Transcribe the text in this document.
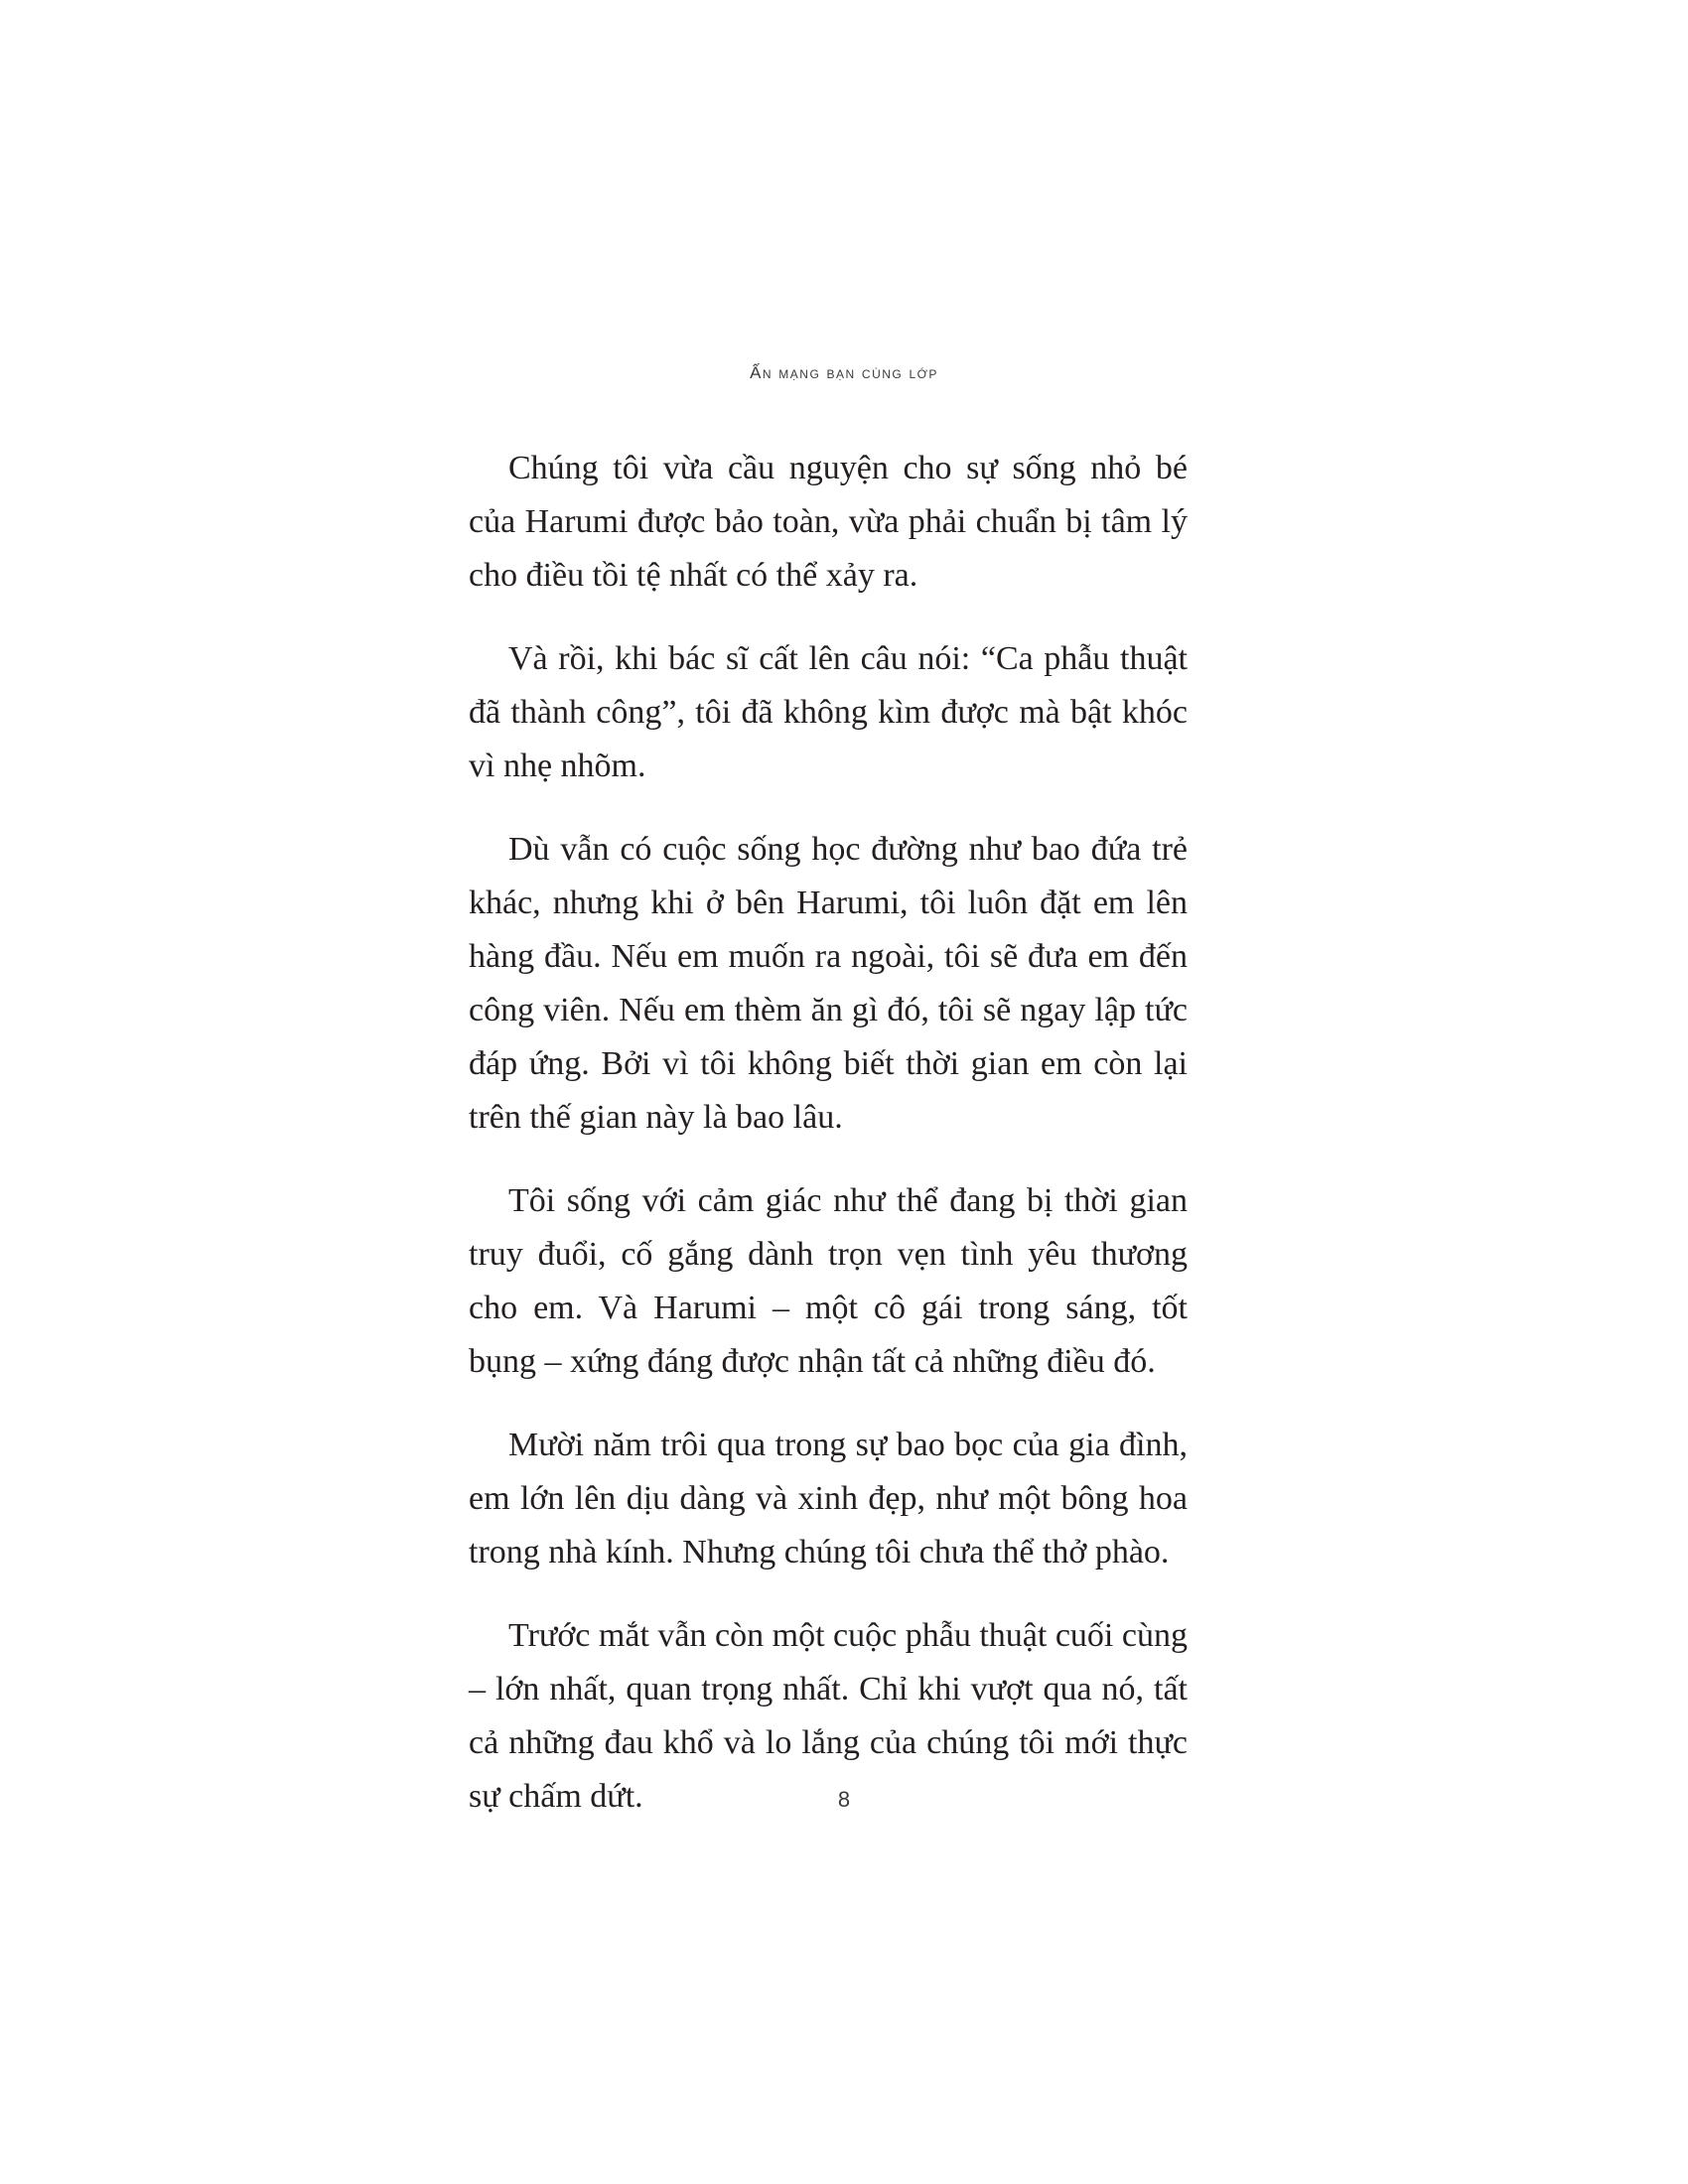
Ấn mạng bạn cùng lớp

Chúng tôi vừa cầu nguyện cho sự sống nhỏ bé của Harumi được bảo toàn, vừa phải chuẩn bị tâm lý cho điều tồi tệ nhất có thể xảy ra.

Và rồi, khi bác sĩ cất lên câu nói: “Ca phẫu thuật đã thành công”, tôi đã không kìm được mà bật khóc vì nhẹ nhõm.

Dù vẫn có cuộc sống học đường như bao đứa trẻ khác, nhưng khi ở bên Harumi, tôi luôn đặt em lên hàng đầu. Nếu em muốn ra ngoài, tôi sẽ đưa em đến công viên. Nếu em thèm ăn gì đó, tôi sẽ ngay lập tức đáp ứng. Bởi vì tôi không biết thời gian em còn lại trên thế gian này là bao lâu.

Tôi sống với cảm giác như thể đang bị thời gian truy đuổi, cố gắng dành trọn vẹn tình yêu thương cho em. Và Harumi – một cô gái trong sáng, tốt bụng – xứng đáng được nhận tất cả những điều đó.

Mười năm trôi qua trong sự bao bọc của gia đình, em lớn lên dịu dàng và xinh đẹp, như một bông hoa trong nhà kính. Nhưng chúng tôi chưa thể thở phào.

Trước mắt vẫn còn một cuộc phẫu thuật cuối cùng – lớn nhất, quan trọng nhất. Chỉ khi vượt qua nó, tất cả những đau khổ và lo lắng của chúng tôi mới thực sự chấm dứt.	8
